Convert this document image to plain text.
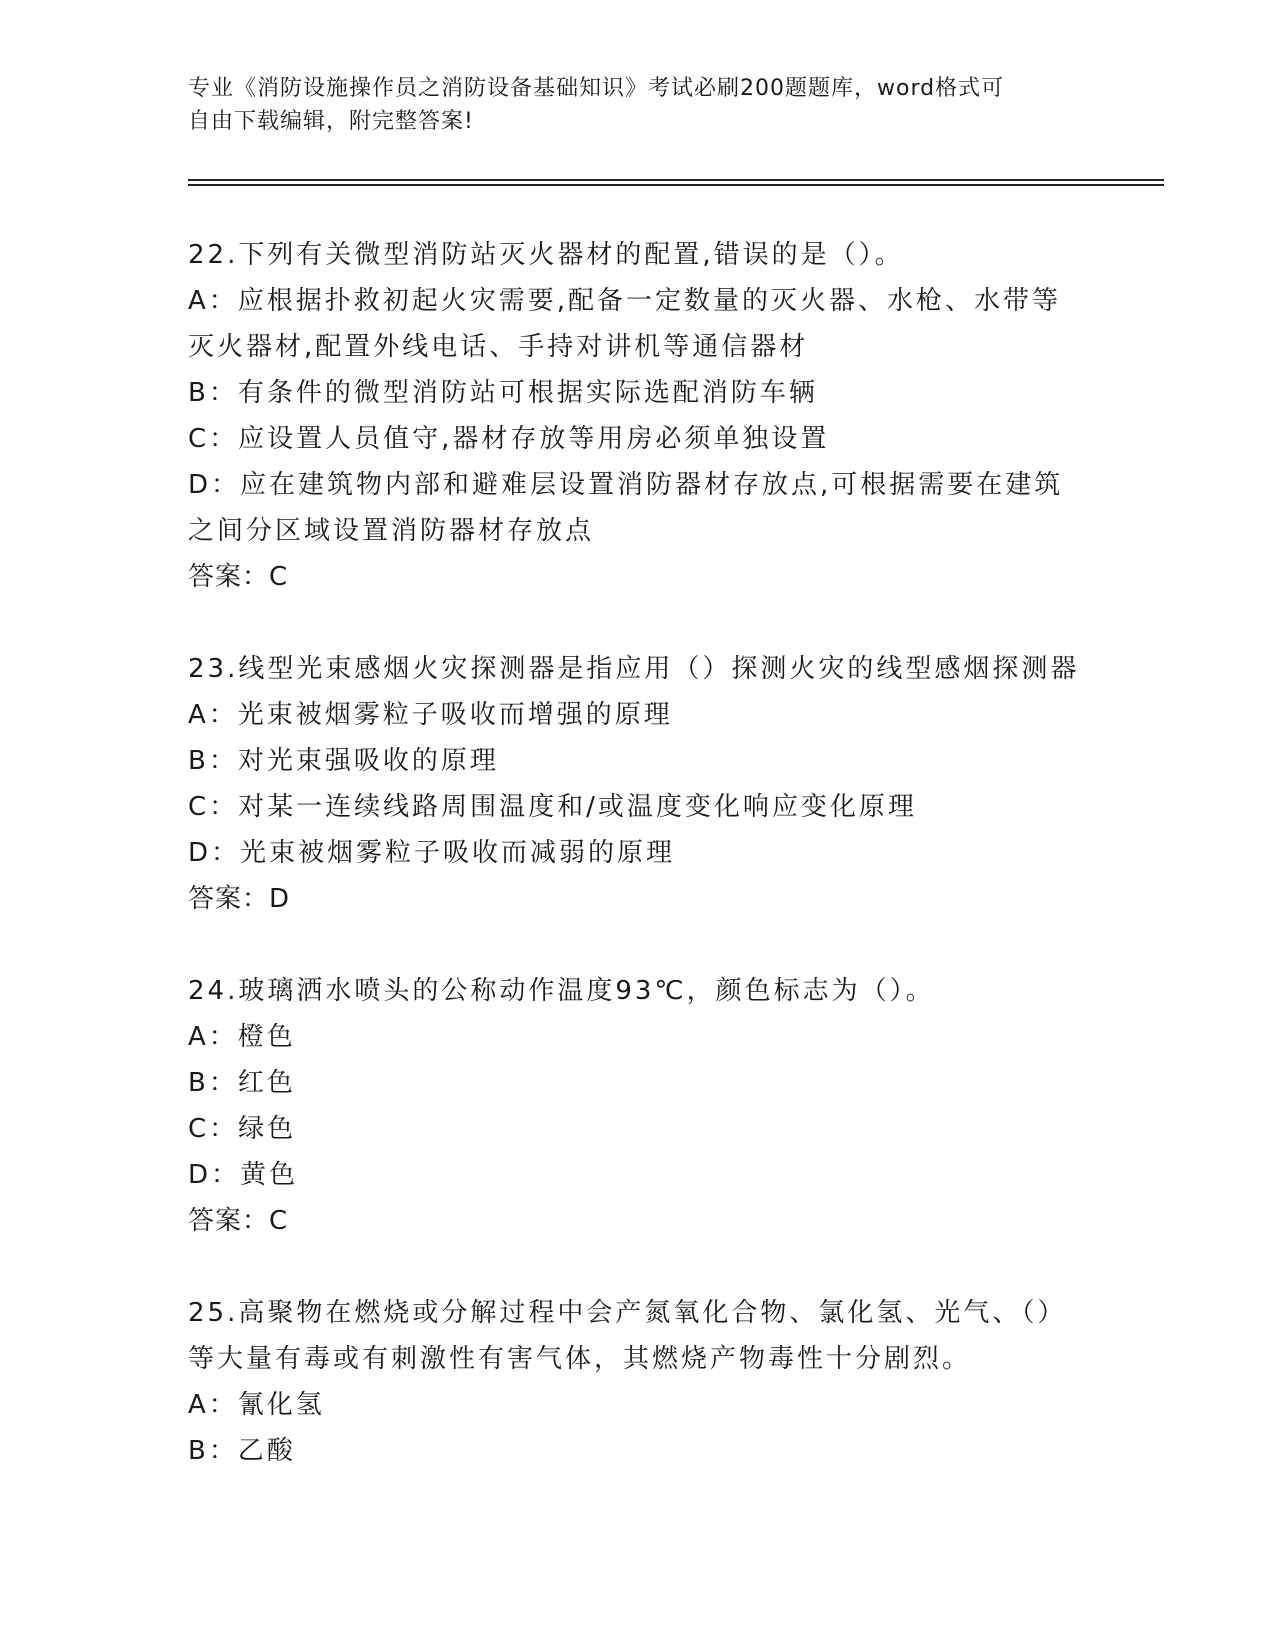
专业《消防设施操作员之消防设备基础知识》考试必刷200题题库，word格式可
自由下载编辑，附完整答案!
22.下列有关微型消防站灭火器材的配置,错误的是（）。
A：应根据扑救初起火灾需要,配备一定数量的灭火器、水枪、水带等
灭火器材,配置外线电话、手持对讲机等通信器材
B：有条件的微型消防站可根据实际选配消防车辆
C：应设置人员值守,器材存放等用房必须单独设置
D：应在建筑物内部和避难层设置消防器材存放点,可根据需要在建筑
之间分区域设置消防器材存放点
答案：C
23.线型光束感烟火灾探测器是指应用（）探测火灾的线型感烟探测器
A：光束被烟雾粒子吸收而增强的原理
B：对光束强吸收的原理
C：对某一连续线路周围温度和/或温度变化响应变化原理
D：光束被烟雾粒子吸收而减弱的原理
答案：D
24.玻璃洒水喷头的公称动作温度93℃，颜色标志为（）。
A：橙色
B：红色
C：绿色
D：黄色
答案：C
25.高聚物在燃烧或分解过程中会产氮氧化合物、氯化氢、光气、（）
等大量有毒或有刺激性有害气体，其燃烧产物毒性十分剧烈。
A：氰化氢
B：乙酸
